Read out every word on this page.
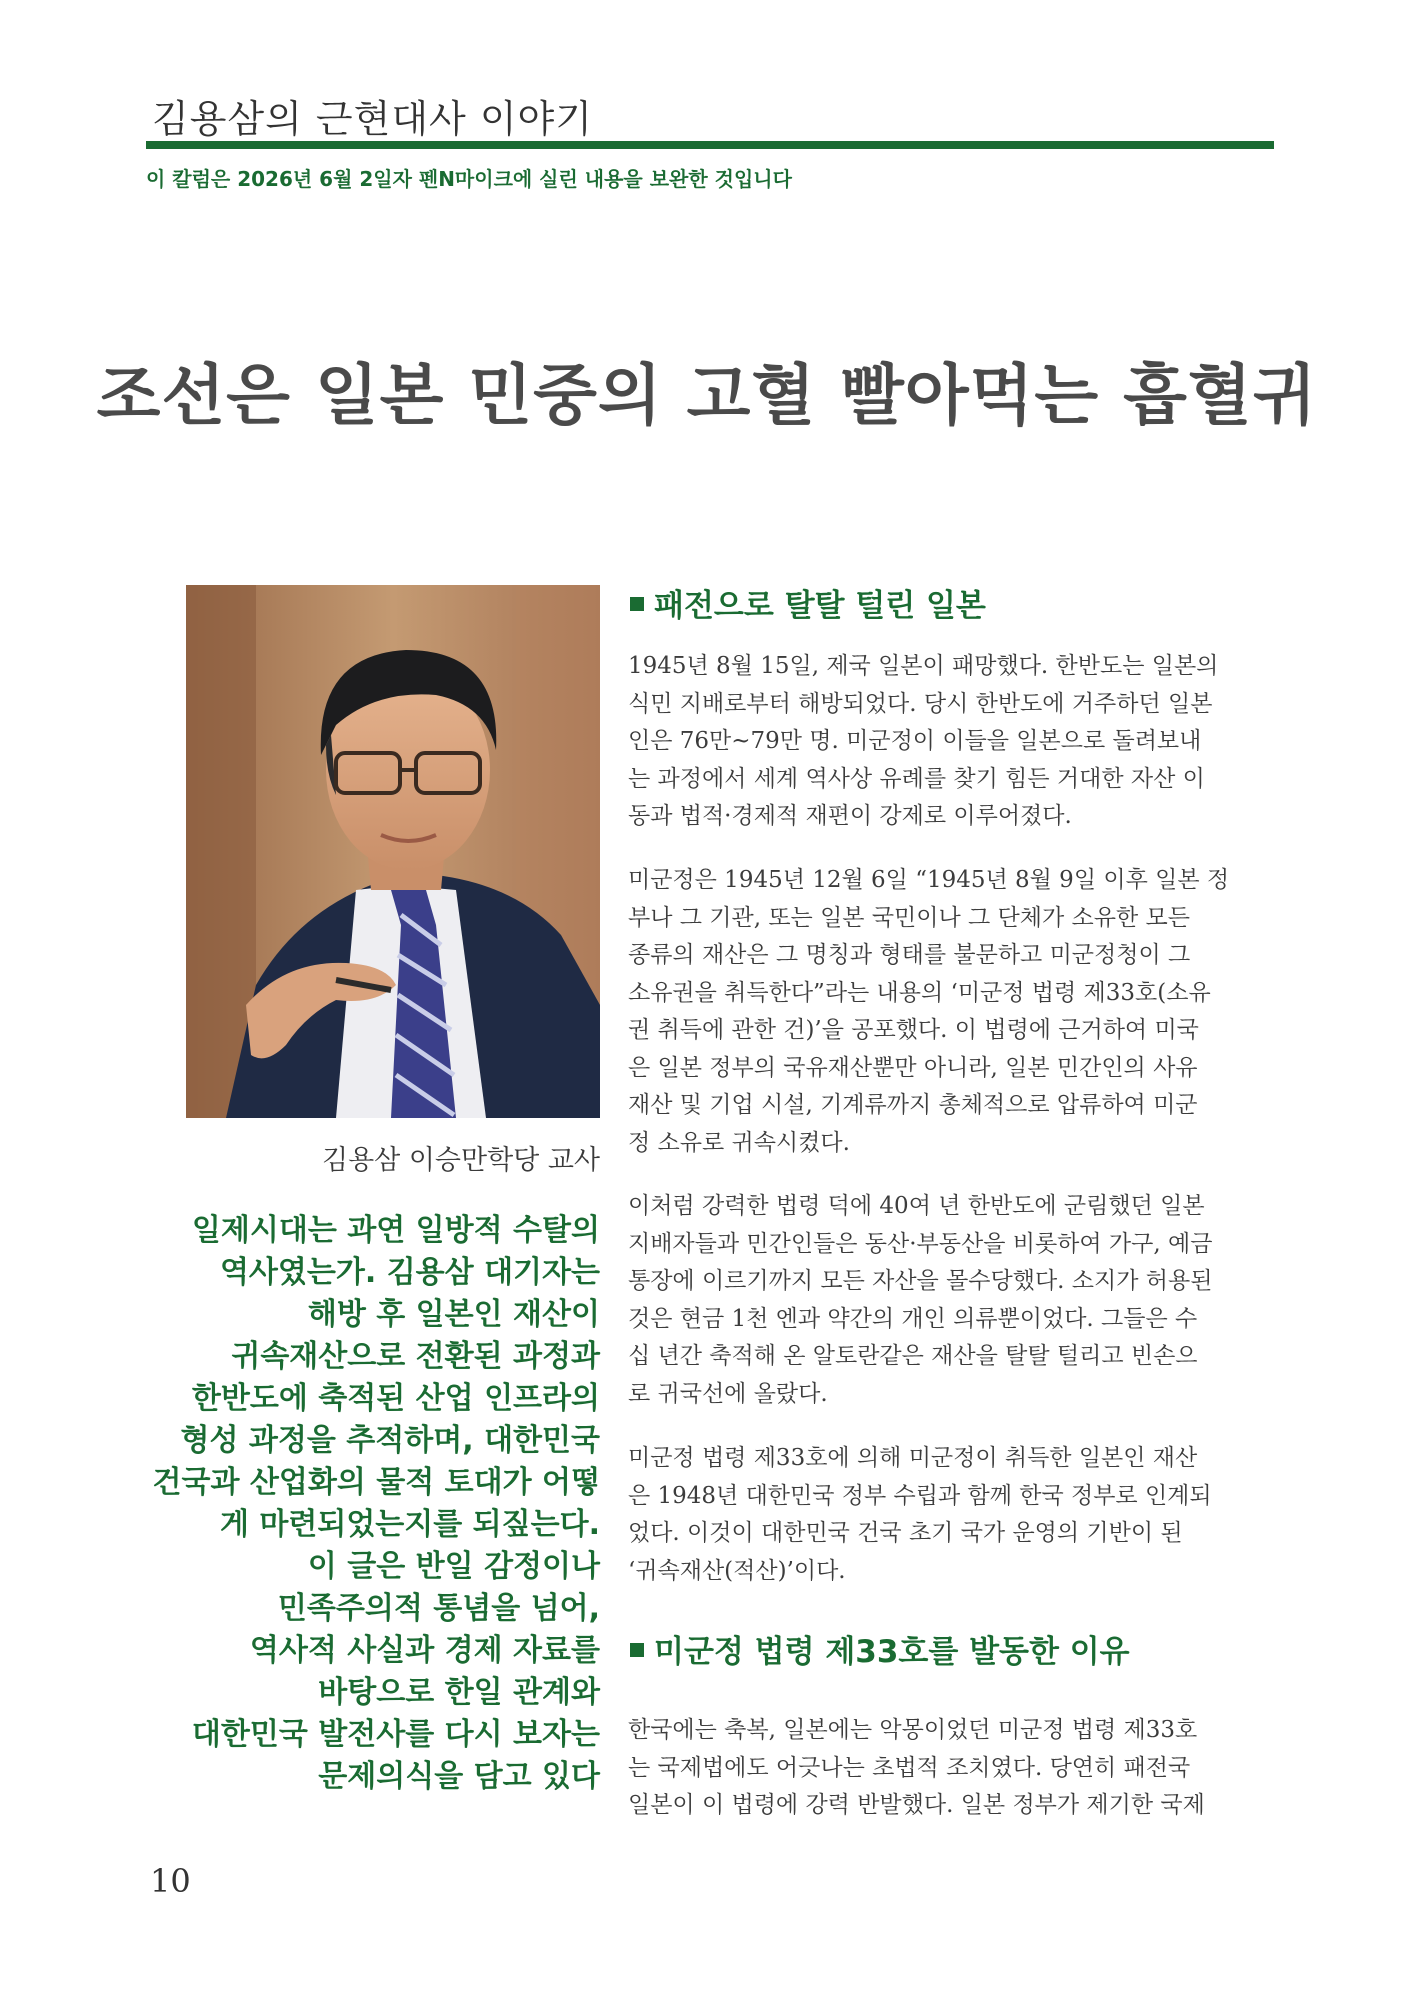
김용삼의 근현대사 이야기
이 칼럼은 2026년 6월 2일자 펜N마이크에 실린 내용을 보완한 것입니다
조선은 일본 민중의 고혈 빨아먹는 흡혈귀
김용삼 이승만학당 교사
일제시대는 과연 일방적 수탈의
역사였는가. 김용삼 대기자는
해방 후 일본인 재산이
귀속재산으로 전환된 과정과
한반도에 축적된 산업 인프라의
형성 과정을 추적하며, 대한민국
건국과 산업화의 물적 토대가 어떻
게 마련되었는지를 되짚는다.
이 글은 반일 감정이나
민족주의적 통념을 넘어,
역사적 사실과 경제 자료를
바탕으로 한일 관계와
대한민국 발전사를 다시 보자는
문제의식을 담고 있다
패전으로 탈탈 털린 일본
1945년 8월 15일, 제국 일본이 패망했다. 한반도는 일본의
식민 지배로부터 해방되었다. 당시 한반도에 거주하던 일본
인은 76만~79만 명. 미군정이 이들을 일본으로 돌려보내
는 과정에서 세계 역사상 유례를 찾기 힘든 거대한 자산 이
동과 법적·경제적 재편이 강제로 이루어졌다.
미군정은 1945년 12월 6일 “1945년 8월 9일 이후 일본 정
부나 그 기관, 또는 일본 국민이나 그 단체가 소유한 모든
종류의 재산은 그 명칭과 형태를 불문하고 미군정청이 그
소유권을 취득한다”라는 내용의 ‘미군정 법령 제33호(소유
권 취득에 관한 건)’을 공포했다. 이 법령에 근거하여 미국
은 일본 정부의 국유재산뿐만 아니라, 일본 민간인의 사유
재산 및 기업 시설, 기계류까지 총체적으로 압류하여 미군
정 소유로 귀속시켰다.
이처럼 강력한 법령 덕에 40여 년 한반도에 군림했던 일본
지배자들과 민간인들은 동산·부동산을 비롯하여 가구, 예금
통장에 이르기까지 모든 자산을 몰수당했다. 소지가 허용된
것은 현금 1천 엔과 약간의 개인 의류뿐이었다. 그들은 수
십 년간 축적해 온 알토란같은 재산을 탈탈 털리고 빈손으
로 귀국선에 올랐다.
미군정 법령 제33호에 의해 미군정이 취득한 일본인 재산
은 1948년 대한민국 정부 수립과 함께 한국 정부로 인계되
었다. 이것이 대한민국 건국 초기 국가 운영의 기반이 된
‘귀속재산(적산)’이다.
미군정 법령 제33호를 발동한 이유
한국에는 축복, 일본에는 악몽이었던 미군정 법령 제33호
는 국제법에도 어긋나는 초법적 조치였다. 당연히 패전국
일본이 이 법령에 강력 반발했다. 일본 정부가 제기한 국제
10
